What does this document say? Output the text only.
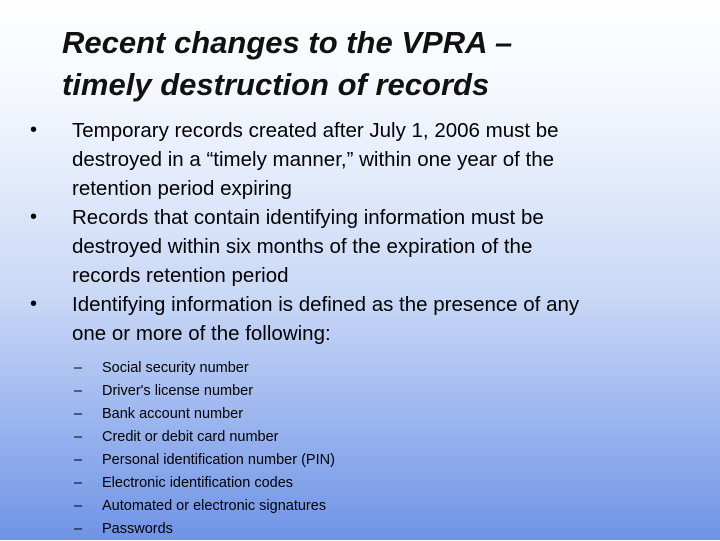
Recent changes to the VPRA –
timely destruction of records
•	Temporary records created after July 1, 2006 must be
destroyed in a “timely manner,” within one year of the
retention period expiring
•	Records that contain identifying information must be
destroyed within six months of the expiration of the
records retention period
•	Identifying information is defined as the presence of any
one or more of the following:
– Social security number
– Driver's license number
– Bank account number
– Credit or debit card number
– Personal identification number (PIN)
– Electronic identification codes
– Automated or electronic signatures
– Passwords
